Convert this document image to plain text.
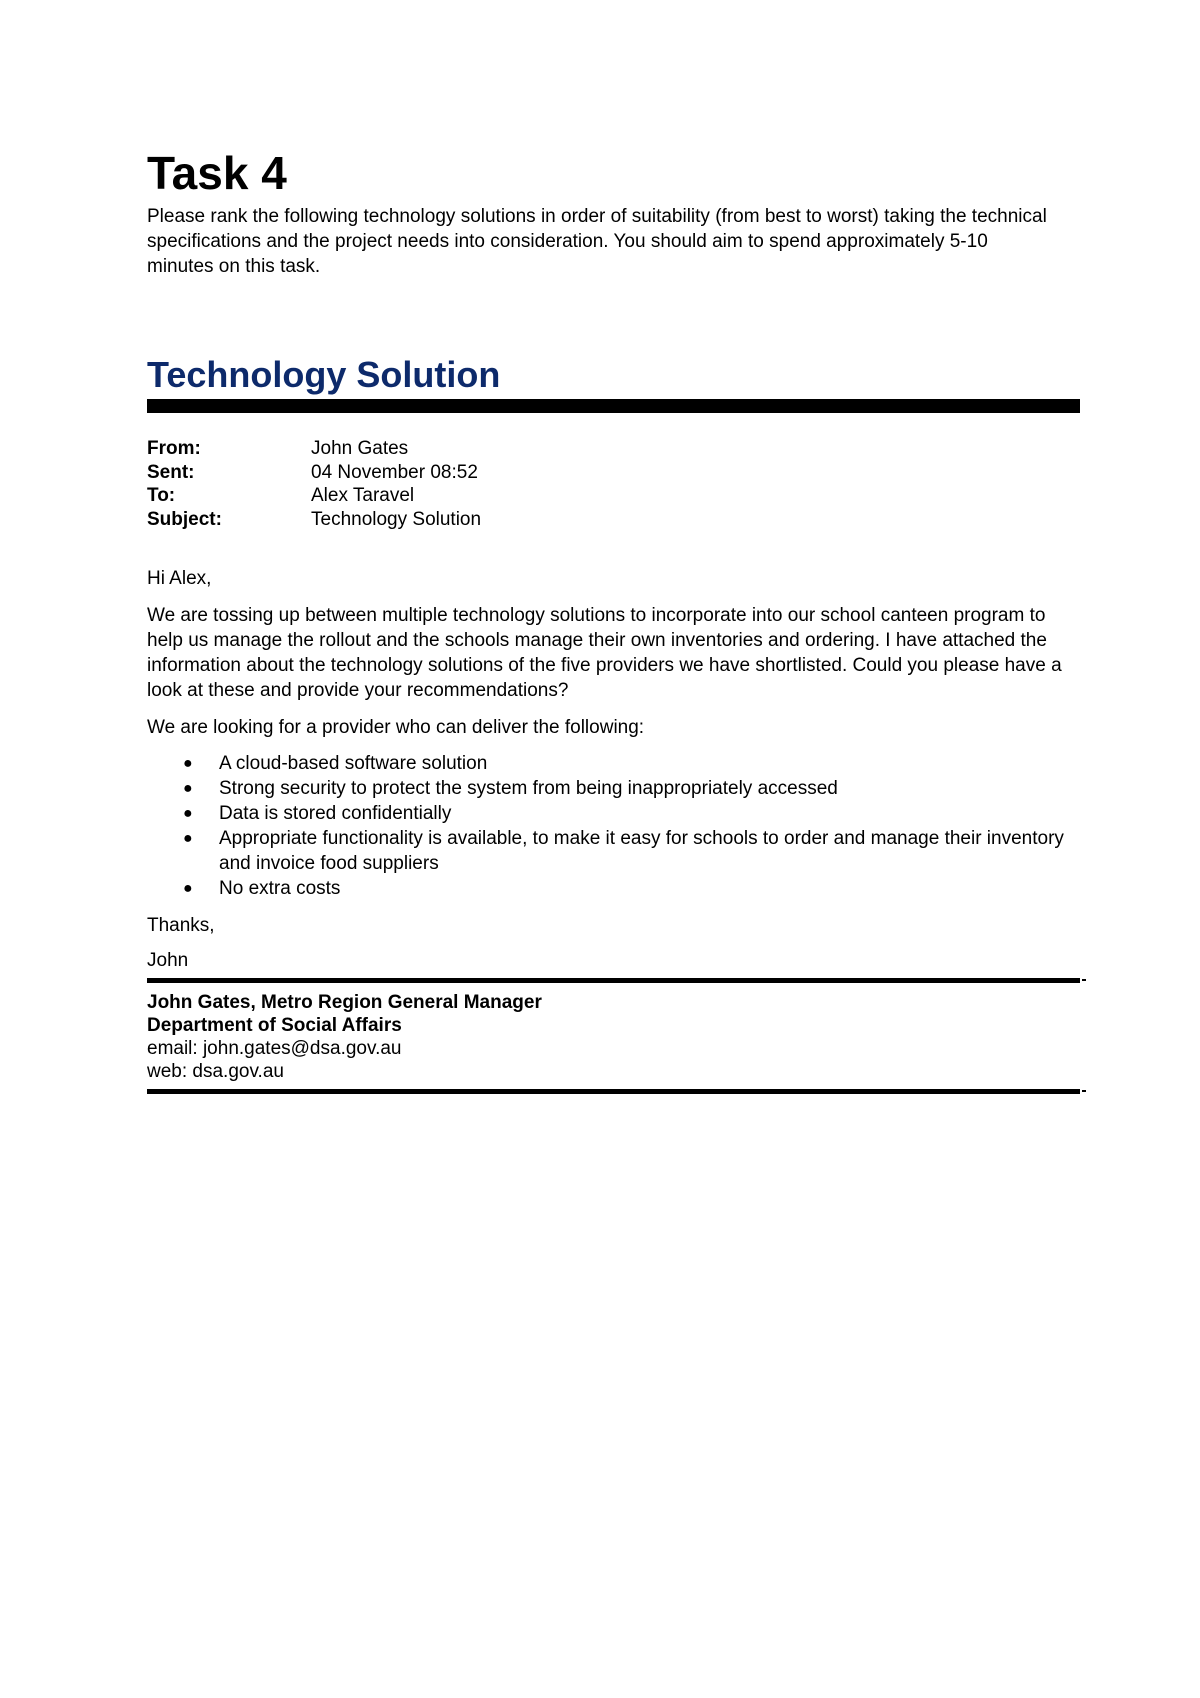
Task 4

Please rank the following technology solutions in order of suitability (from best to worst) taking the technical specifications and the project needs into consideration. You should aim to spend approximately 5-10 minutes on this task.

Technology Solution
From:	John Gates
Sent:	04 November 08:52
To:	Alex Taravel
Subject:	Technology Solution
Hi Alex,
We are tossing up between multiple technology solutions to incorporate into our school canteen program to help us manage the rollout and the schools manage their own inventories and ordering. I have attached the information about the technology solutions of the five providers we have shortlisted. Could you please have a look at these and provide your recommendations?
We are looking for a provider who can deliver the following:
●	A cloud-based software solution
●	Strong security to protect the system from being inappropriately accessed
●	Data is stored confidentially
●	Appropriate functionality is available, to make it easy for schools to order and manage their inventory and invoice food suppliers
●	No extra costs
Thanks,
John
John Gates, Metro Region General Manager
Department of Social Affairs
email: john.gates@dsa.gov.au
web: dsa.gov.au
